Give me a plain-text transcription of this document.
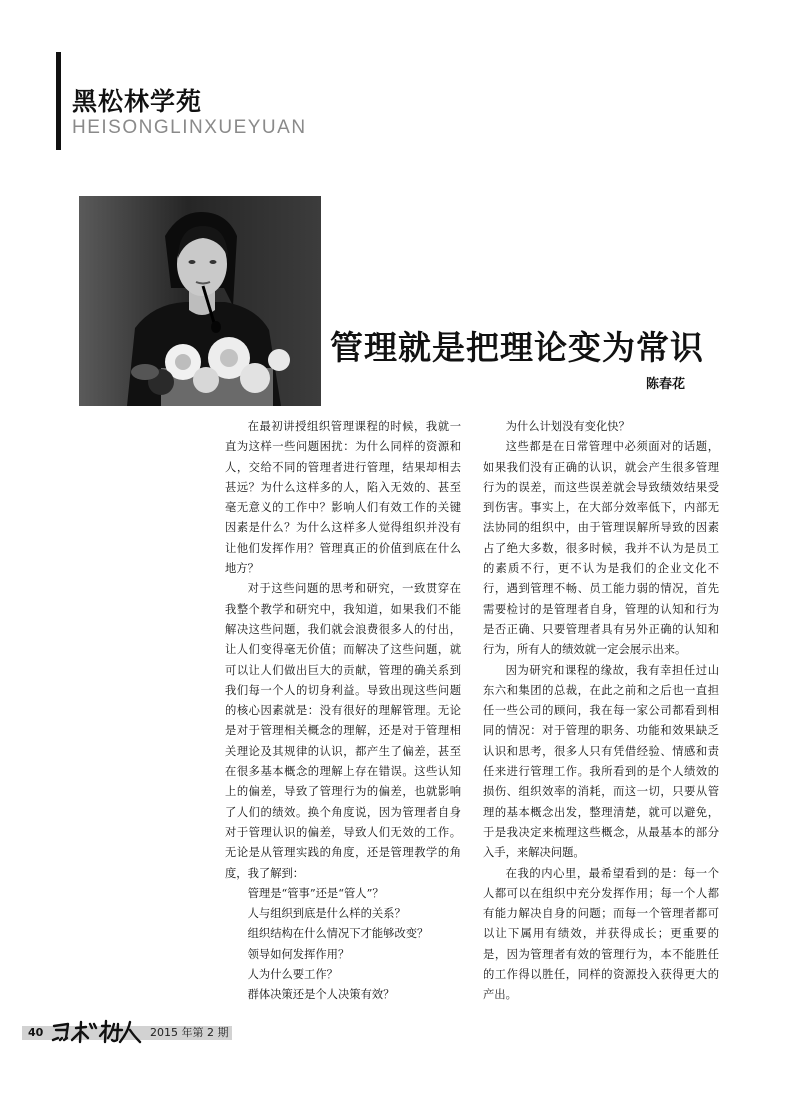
黑松林学苑
HEISONGLINXUEYUAN
管理就是把理论变为常识
陈春花

在最初讲授组织管理课程的时候，我就一直为这样一些问题困扰：为什么同样的资源和人，交给不同的管理者进行管理，结果却相去甚远？为什么这样多的人，陷入无效的、甚至毫无意义的工作中？影响人们有效工作的关键因素是什么？为什么这样多人觉得组织并没有让他们发挥作用？管理真正的价值到底在什么地方？

对于这些问题的思考和研究，一致贯穿在我整个教学和研究中，我知道，如果我们不能解决这些问题，我们就会浪费很多人的付出，让人们变得毫无价值；而解决了这些问题，就可以让人们做出巨大的贡献，管理的确关系到我们每一个人的切身利益。导致出现这些问题的核心因素就是：没有很好的理解管理。无论是对于管理相关概念的理解，还是对于管理相关理论及其规律的认识，都产生了偏差，甚至在很多基本概念的理解上存在错误。这些认知上的偏差，导致了管理行为的偏差，也就影响了人们的绩效。换个角度说，因为管理者自身对于管理认识的偏差，导致人们无效的工作。无论是从管理实践的角度，还是管理教学的角度，我了解到：

管理是“管事”还是“管人”？

人与组织到底是什么样的关系？

组织结构在什么情况下才能够改变？

领导如何发挥作用？

人为什么要工作？

群体决策还是个人决策有效？

为什么计划没有变化快？

这些都是在日常管理中必须面对的话题，如果我们没有正确的认识，就会产生很多管理行为的误差，而这些误差就会导致绩效结果受到伤害。事实上，在大部分效率低下，内部无法协同的组织中，由于管理误解所导致的因素占了绝大多数，很多时候，我并不认为是员工的素质不行，更不认为是我们的企业文化不行，遇到管理不畅、员工能力弱的情况，首先需要检讨的是管理者自身，管理的认知和行为是否正确、只要管理者具有另外正确的认知和行为，所有人的绩效就一定会展示出来。

因为研究和课程的缘故，我有幸担任过山东六和集团的总裁，在此之前和之后也一直担任一些公司的顾问，我在每一家公司都看到相同的情况：对于管理的职务、功能和效果缺乏认识和思考，很多人只有凭借经验、情感和责任来进行管理工作。我所看到的是个人绩效的损伤、组织效率的消耗，而这一切，只要从管理的基本概念出发，整理清楚，就可以避免，于是我决定来梳理这些概念，从最基本的部分入手，来解决问题。

在我的内心里，最希望看到的是：每一个人都可以在组织中充分发挥作用；每一个人都有能力解决自身的问题；而每一个管理者都可以让下属用有绩效，并获得成长；更重要的是，因为管理者有效的管理行为，本不能胜任的工作得以胜任，同样的资源投入获得更大的产出。

40	2015 年第 2 期
